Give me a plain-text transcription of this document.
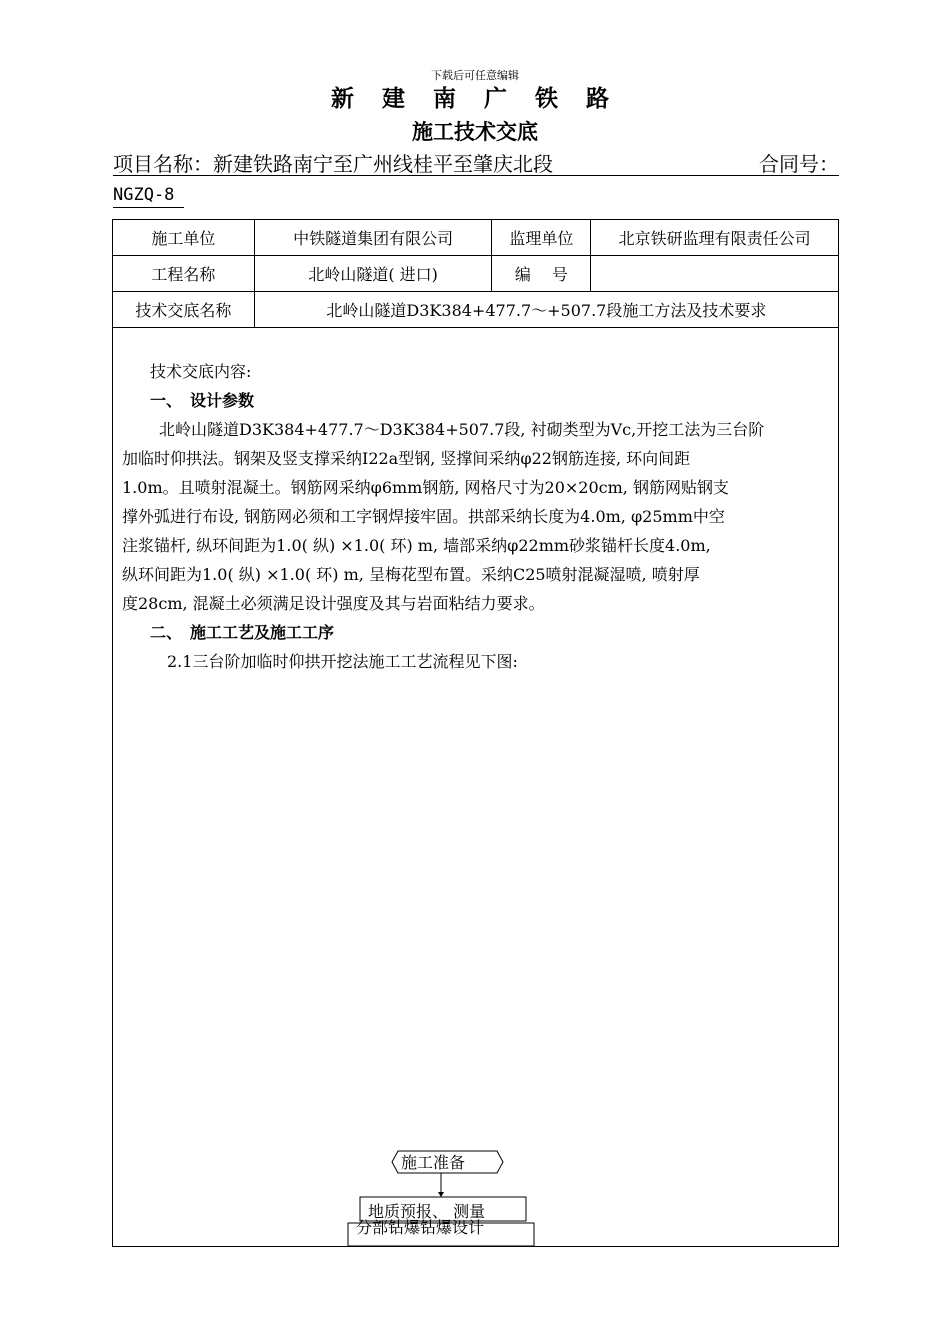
下载后可任意编辑
新 建 南 广 铁 路
施工技术交底
项目名称：新建铁路南宁至广州线桂平至肇庆北段	合同号：
NGZQ-8
施工单位	中铁隧道集团有限公司	监理单位	北京铁研监理有限责任公司
工程名称	北岭山隧道( 进口)	编　 号	
技术交底名称	北岭山隧道D3K384+477.7～+507.7段施工方法及技术要求		

技术交底内容:

一、　设计参数

北岭山隧道D3K384+477.7～D3K384+507.7段, 衬砌类型为Ⅴc,开挖工法为三台阶

加临时仰拱法。钢架及竖支撑采纳I22a型钢, 竖撑间采纳φ22钢筋连接, 环向间距

1.0m。且喷射混凝土。钢筋网采纳φ6mm钢筋, 网格尺寸为20×20cm, 钢筋网贴钢支

撑外弧进行布设, 钢筋网必须和工字钢焊接牢固。拱部采纳长度为4.0m, φ25mm中空

注浆锚杆, 纵环间距为1.0( 纵) ×1.0( 环) m, 墙部采纳φ22mm砂浆锚杆长度4.0m,

纵环间距为1.0( 纵) ×1.0( 环) m, 呈梅花型布置。采纳C25喷射混凝湿喷, 喷射厚

度28cm, 混凝土必须满足设计强度及其与岩面粘结力要求。

二、　施工工艺及施工工序

2.1三台阶加临时仰拱开挖法施工工艺流程见下图:

施工准备
地质预报、 测量
分部钻爆钻爆设计
